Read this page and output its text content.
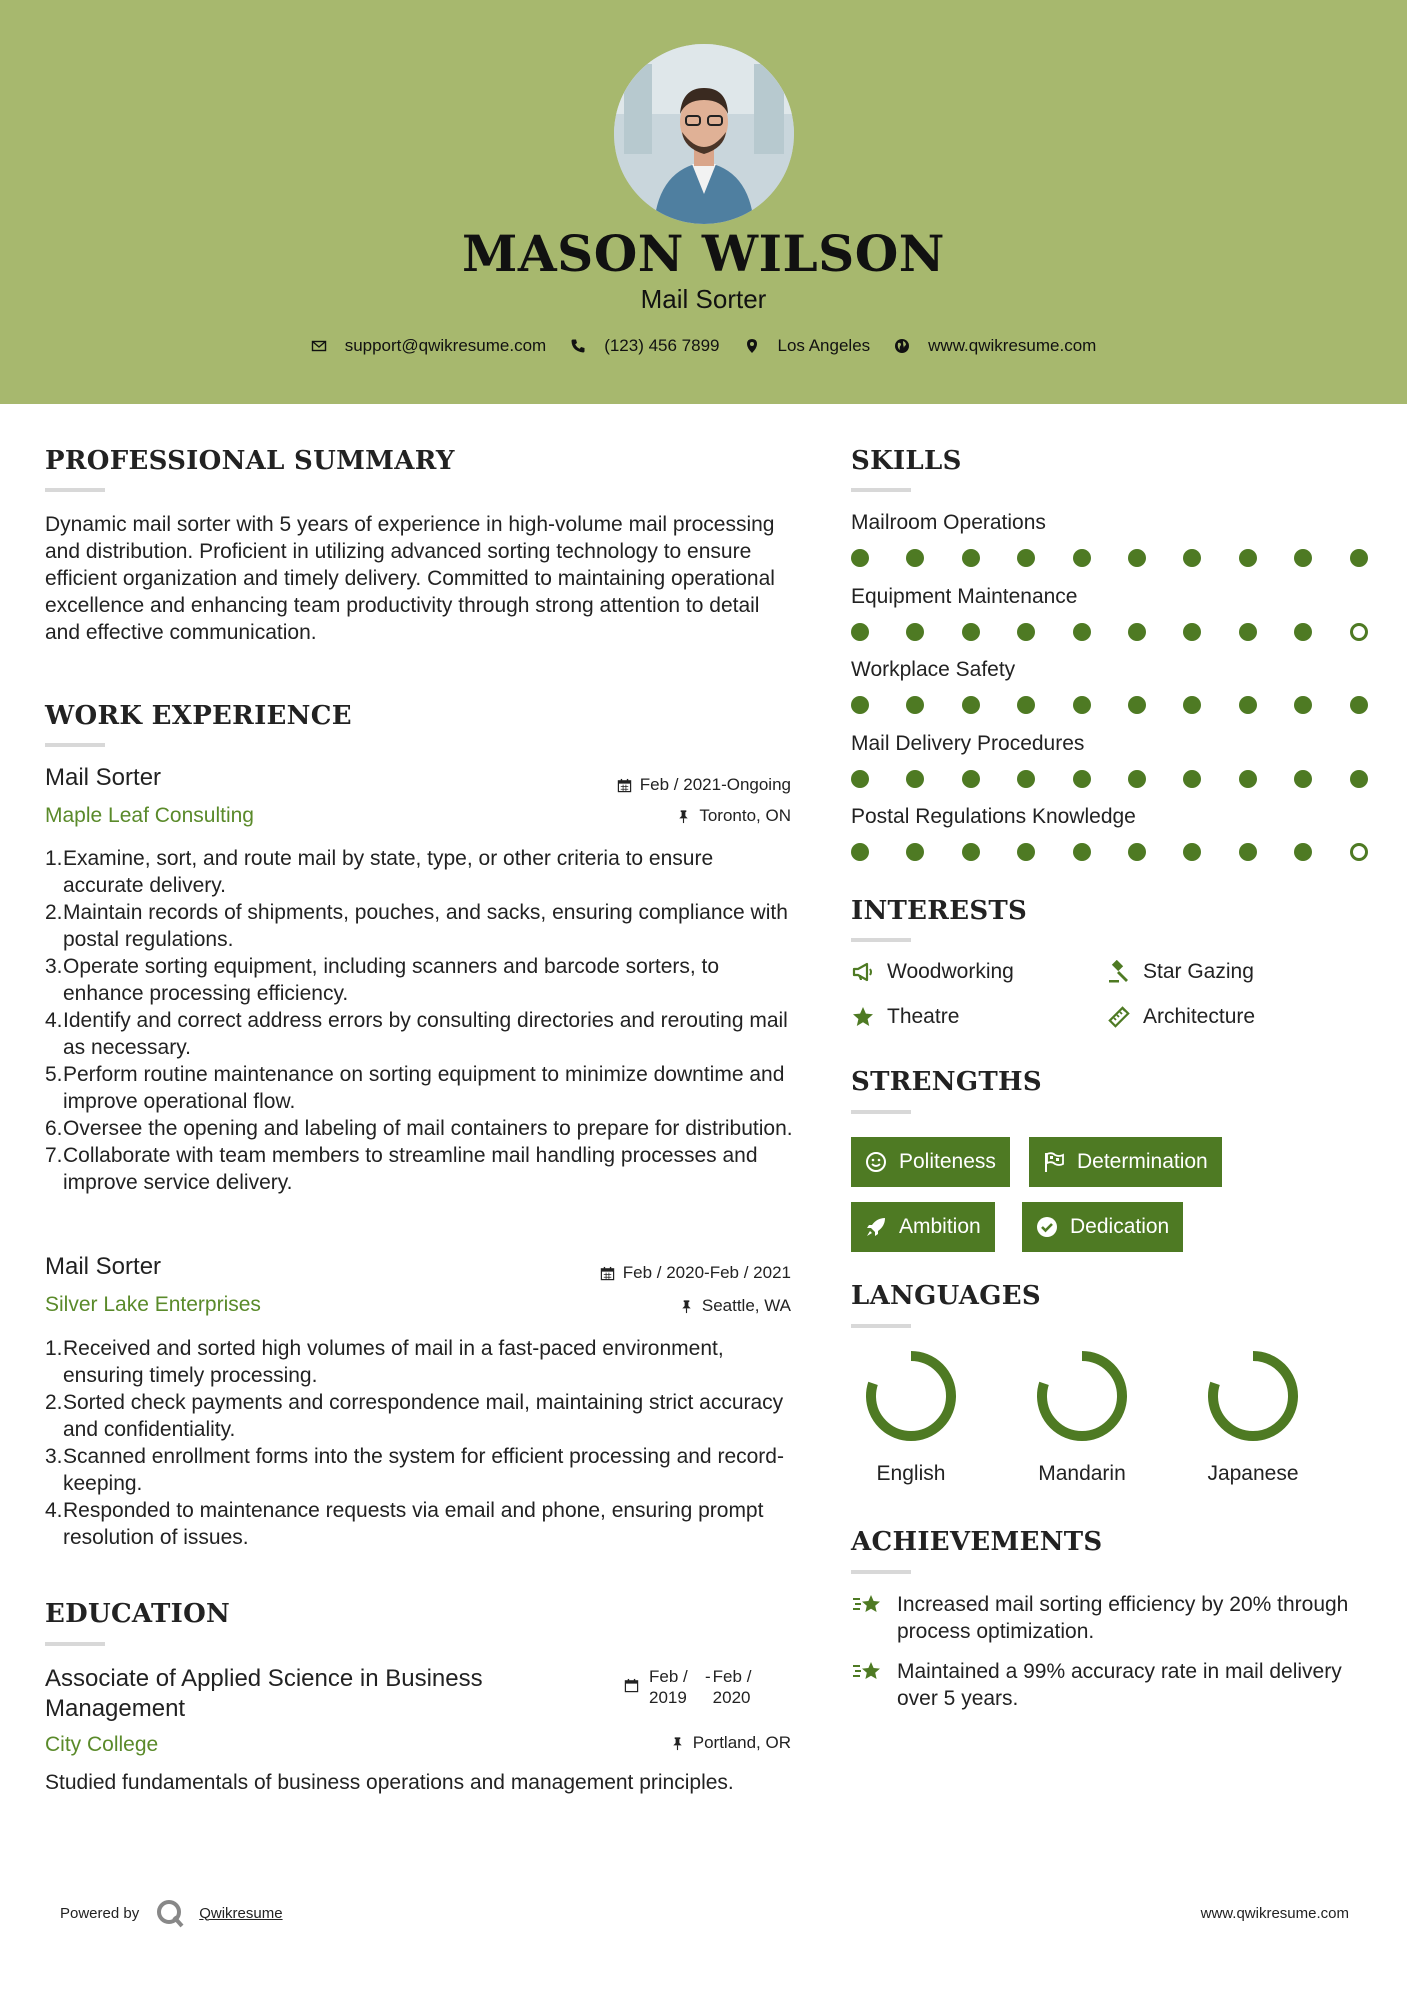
MASON WILSON
Mail Sorter
support@qwikresume.com	(123) 456 7899	Los Angeles	www.qwikresume.com
PROFESSIONAL SUMMARY
Dynamic mail sorter with 5 years of experience in high-volume mail processing and distribution. Proficient in utilizing advanced sorting technology to ensure efficient organization and timely delivery. Committed to maintaining operational excellence and enhancing team productivity through strong attention to detail and effective communication.
WORK EXPERIENCE
Mail Sorter	Feb / 2021-Ongoing
Maple Leaf Consulting	Toronto, ON
1. Examine, sort, and route mail by state, type, or other criteria to ensure accurate delivery.
2. Maintain records of shipments, pouches, and sacks, ensuring compliance with postal regulations.
3. Operate sorting equipment, including scanners and barcode sorters, to enhance processing efficiency.
4. Identify and correct address errors by consulting directories and rerouting mail as necessary.
5. Perform routine maintenance on sorting equipment to minimize downtime and improve operational flow.
6. Oversee the opening and labeling of mail containers to prepare for distribution.
7. Collaborate with team members to streamline mail handling processes and improve service delivery.
Mail Sorter	Feb / 2020-Feb / 2021
Silver Lake Enterprises	Seattle, WA
1. Received and sorted high volumes of mail in a fast-paced environment, ensuring timely processing.
2. Sorted check payments and correspondence mail, maintaining strict accuracy and confidentiality.
3. Scanned enrollment forms into the system for efficient processing and record-keeping.
4. Responded to maintenance requests via email and phone, ensuring prompt resolution of issues.
EDUCATION
Associate of Applied Science in Business Management
Feb / 2019
- Feb / 2020
City College	Portland, OR
Studied fundamentals of business operations and management principles.
SKILLS
Mailroom Operations
Equipment Maintenance
Workplace Safety
Mail Delivery Procedures
Postal Regulations Knowledge
INTERESTS
Woodworking	Star Gazing
Theatre	Architecture
STRENGTHS
Politeness	Determination
Ambition	Dedication
LANGUAGES
English	Mandarin	Japanese
ACHIEVEMENTS
Increased mail sorting efficiency by 20% through process optimization.
Maintained a 99% accuracy rate in mail delivery over 5 years.
Powered by	Qwikresume	www.qwikresume.com
